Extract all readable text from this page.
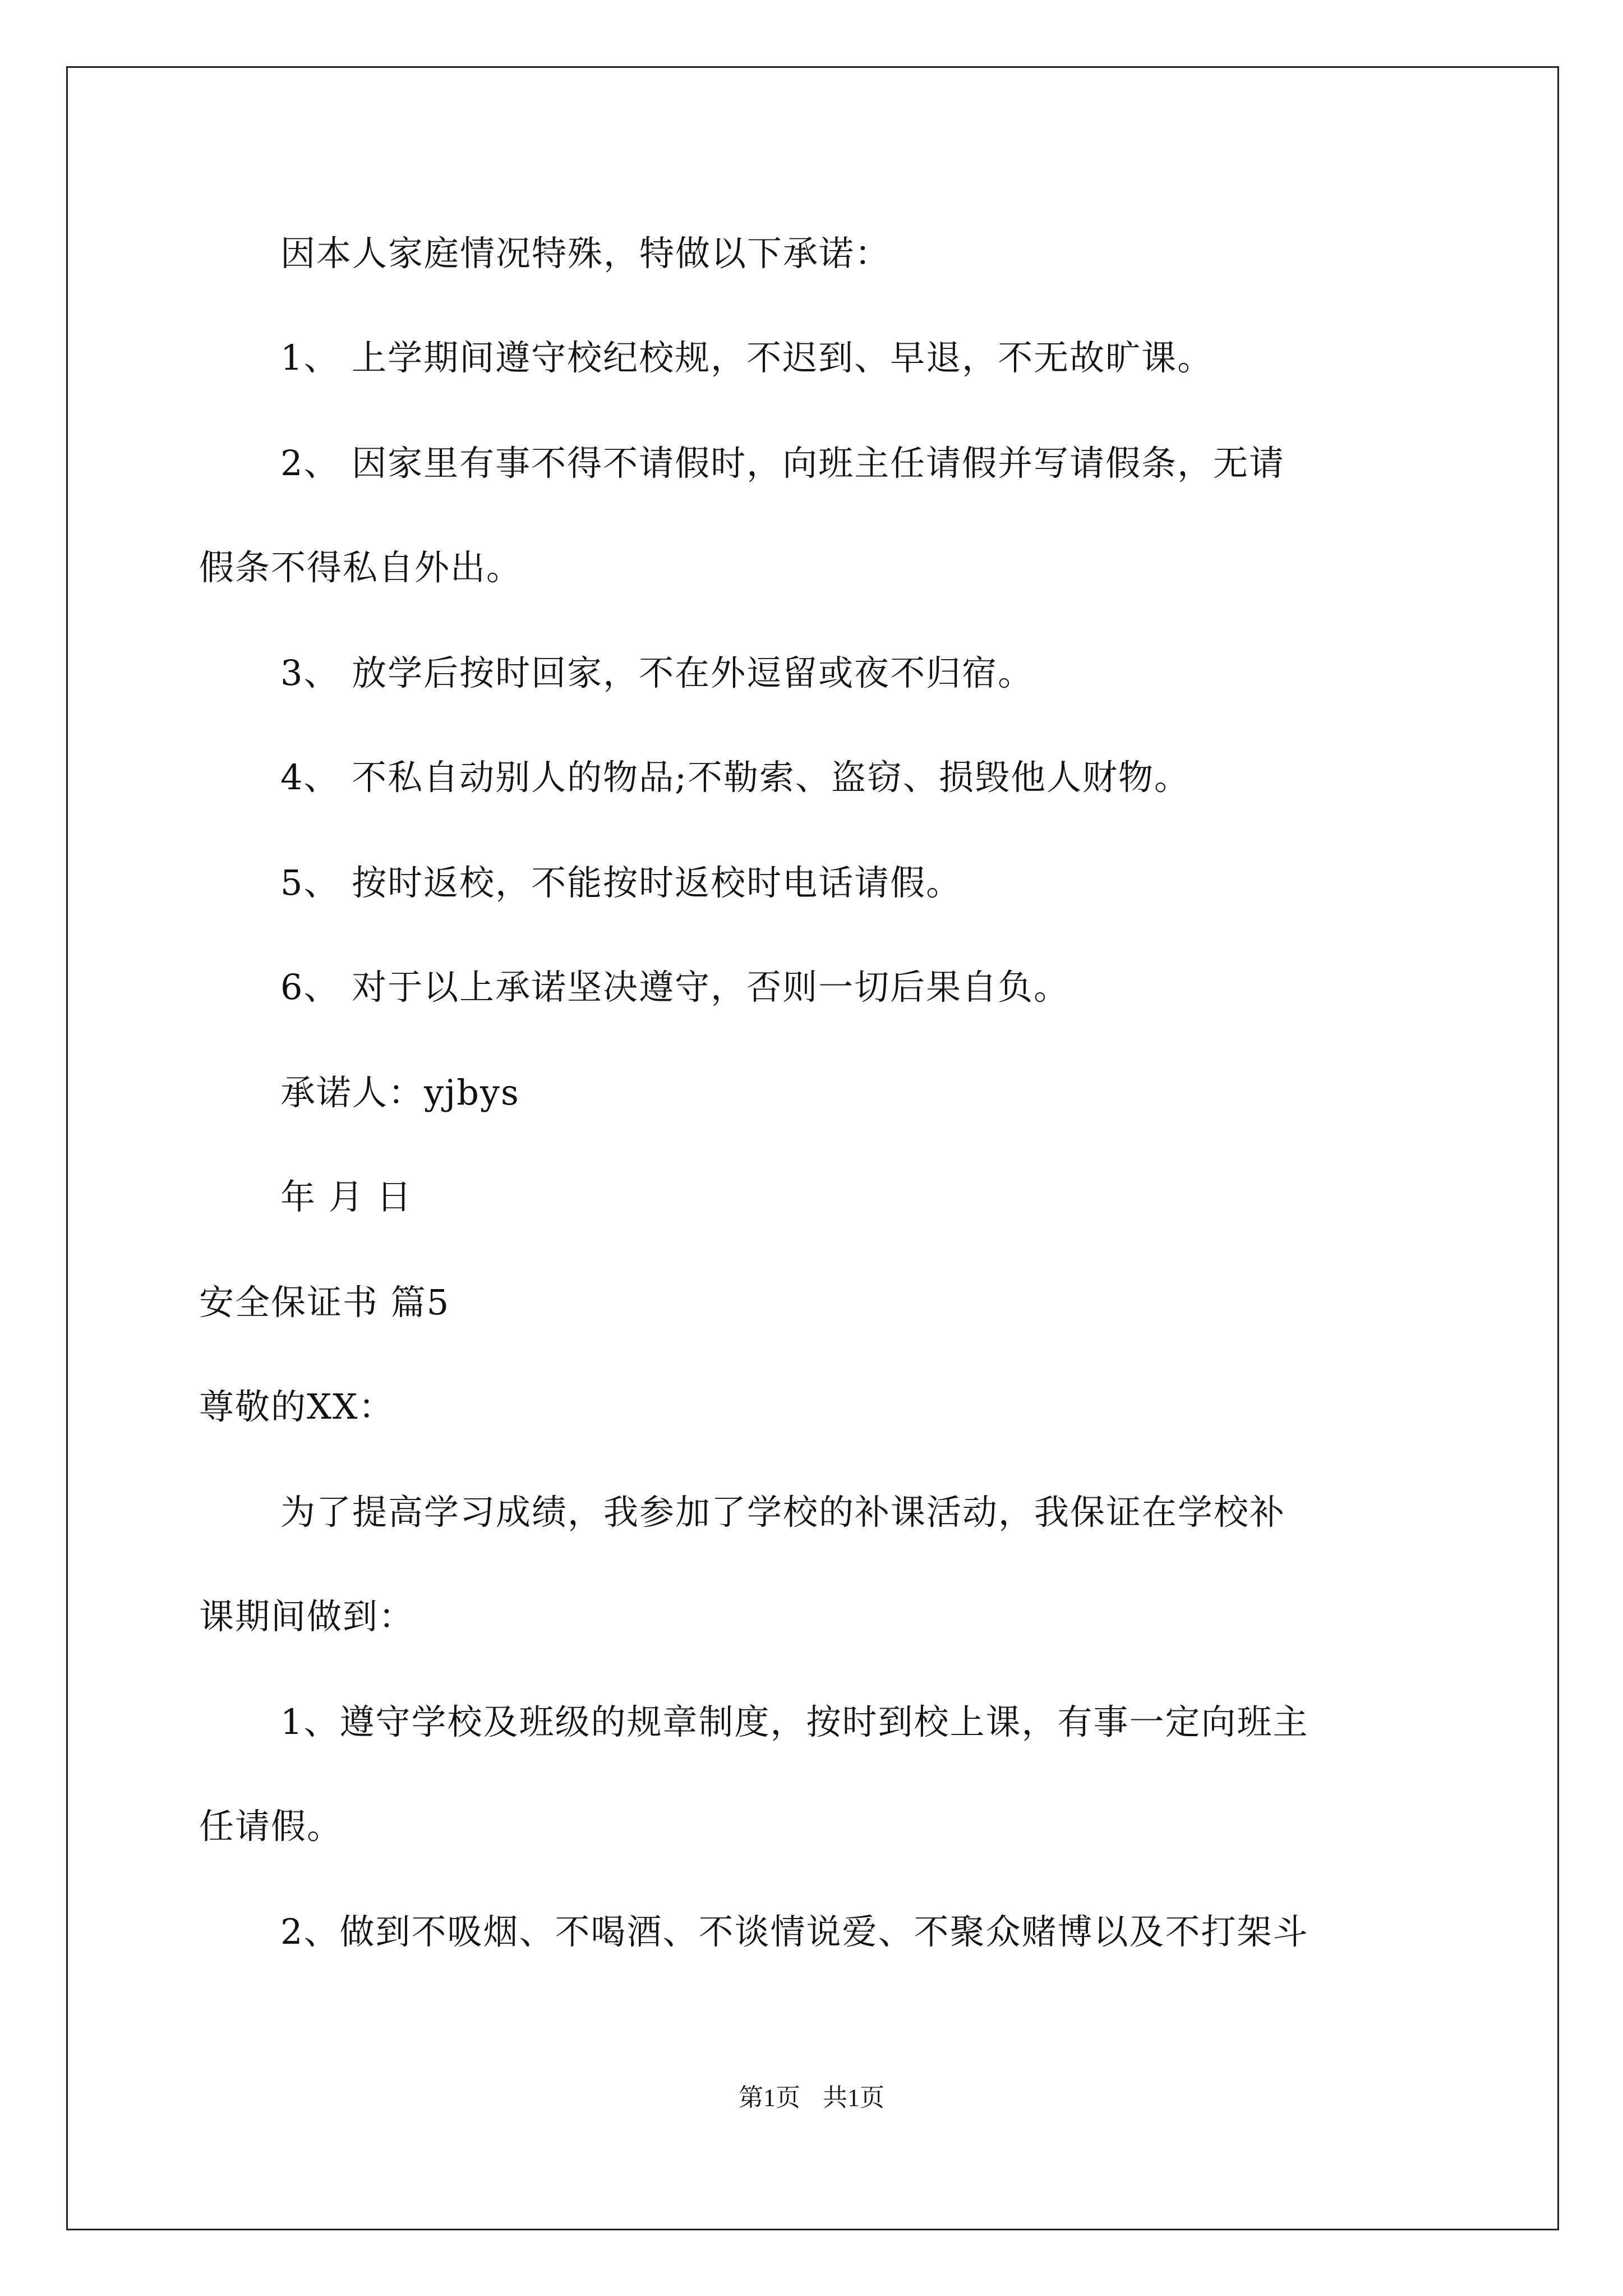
因本人家庭情况特殊，特做以下承诺：
1、 上学期间遵守校纪校规，不迟到、早退，不无故旷课。
2、 因家里有事不得不请假时，向班主任请假并写请假条，无请
假条不得私自外出。
3、 放学后按时回家，不在外逗留或夜不归宿。
4、 不私自动别人的物品;不勒索、盗窃、损毁他人财物。
5、 按时返校，不能按时返校时电话请假。
6、 对于以上承诺坚决遵守，否则一切后果自负。
承诺人：yjbys
年 月 日
安全保证书 篇5
尊敬的XX：
为了提高学习成绩，我参加了学校的补课活动，我保证在学校补
课期间做到：
1、遵守学校及班级的规章制度，按时到校上课，有事一定向班主
任请假。
2、做到不吸烟、不喝酒、不谈情说爱、不聚众赌博以及不打架斗
第1页 共1页
